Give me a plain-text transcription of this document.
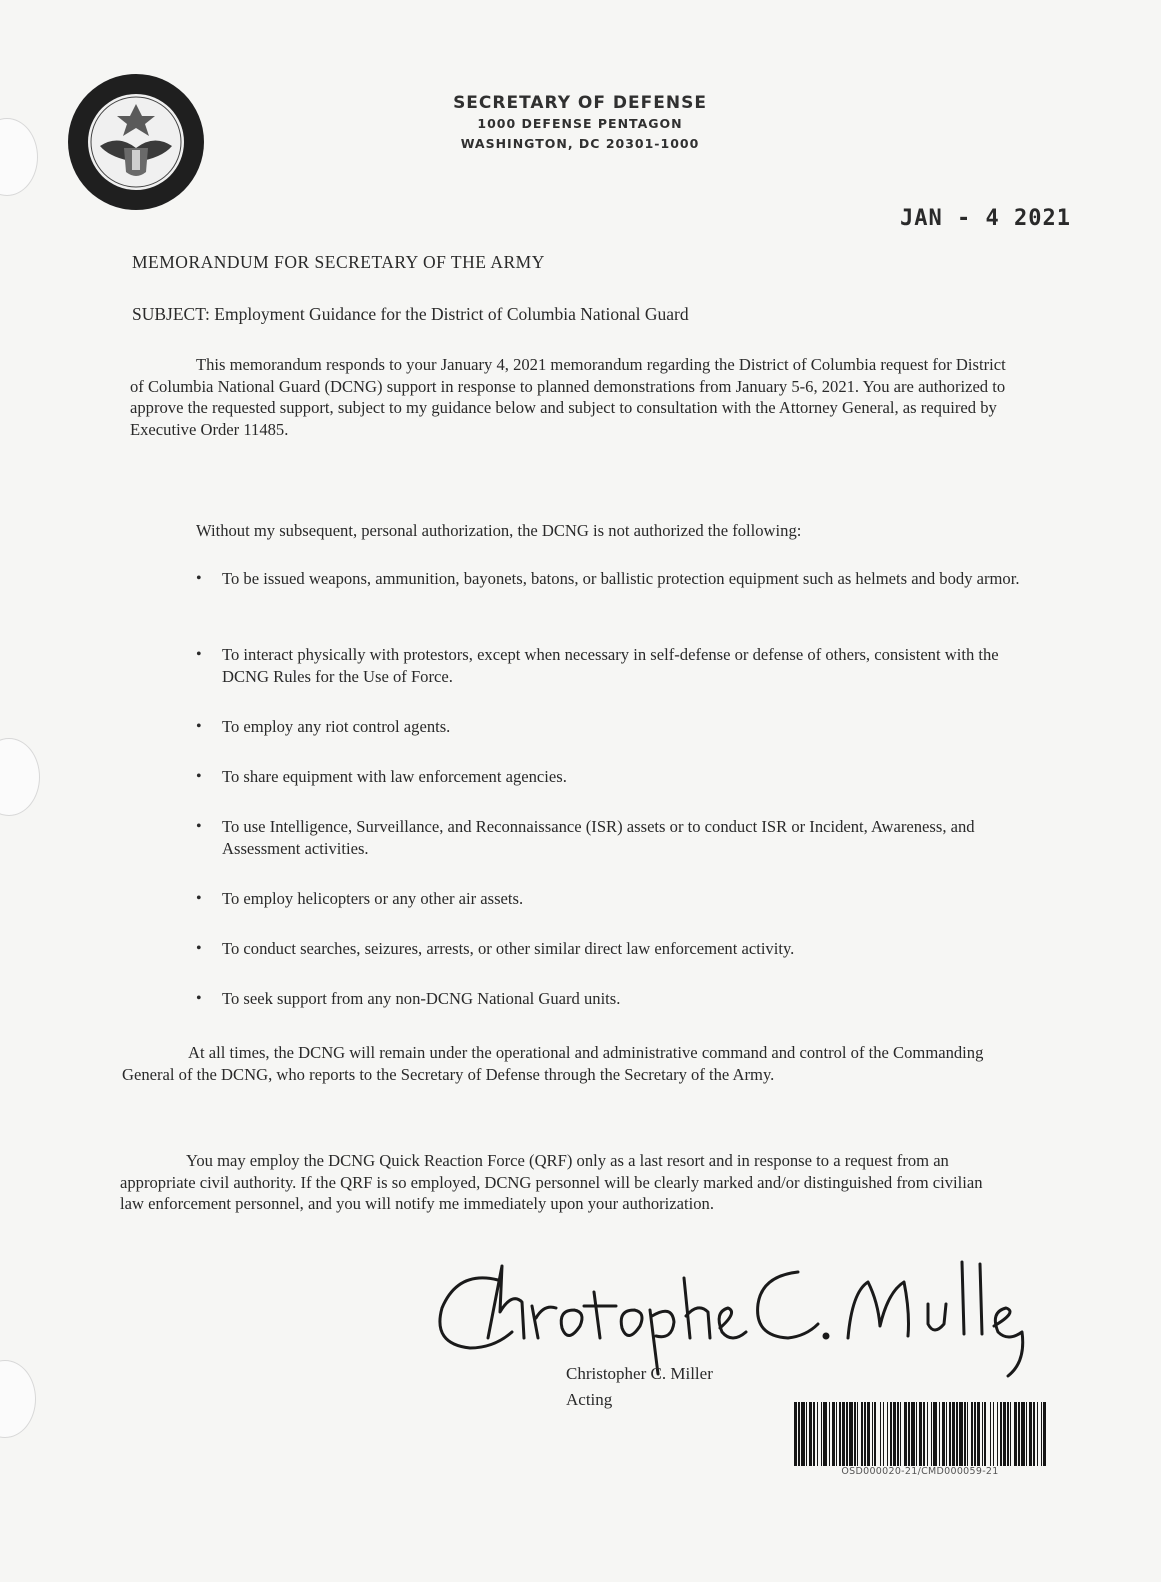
SECRETARY OF DEFENSE
1000 DEFENSE PENTAGON
WASHINGTON, DC 20301-1000
JAN - 4 2021
MEMORANDUM FOR SECRETARY OF THE ARMY
SUBJECT: Employment Guidance for the District of Columbia National Guard
This memorandum responds to your January 4, 2021 memorandum regarding the District of Columbia request for District of Columbia National Guard (DCNG) support in response to planned demonstrations from January 5-6, 2021. You are authorized to approve the requested support, subject to my guidance below and subject to consultation with the Attorney General, as required by Executive Order 11485.
Without my subsequent, personal authorization, the DCNG is not authorized the following:
• To be issued weapons, ammunition, bayonets, batons, or ballistic protection equipment such as helmets and body armor.
• To interact physically with protestors, except when necessary in self-defense or defense of others, consistent with the DCNG Rules for the Use of Force.
• To employ any riot control agents.
• To share equipment with law enforcement agencies.
• To use Intelligence, Surveillance, and Reconnaissance (ISR) assets or to conduct ISR or Incident, Awareness, and Assessment activities.
• To employ helicopters or any other air assets.
• To conduct searches, seizures, arrests, or other similar direct law enforcement activity.
• To seek support from any non-DCNG National Guard units.
At all times, the DCNG will remain under the operational and administrative command and control of the Commanding General of the DCNG, who reports to the Secretary of Defense through the Secretary of the Army.
You may employ the DCNG Quick Reaction Force (QRF) only as a last resort and in response to a request from an appropriate civil authority. If the QRF is so employed, DCNG personnel will be clearly marked and/or distinguished from civilian law enforcement personnel, and you will notify me immediately upon your authorization.
Christopher C. Miller
Acting
OSD000020-21/CMD000059-21
